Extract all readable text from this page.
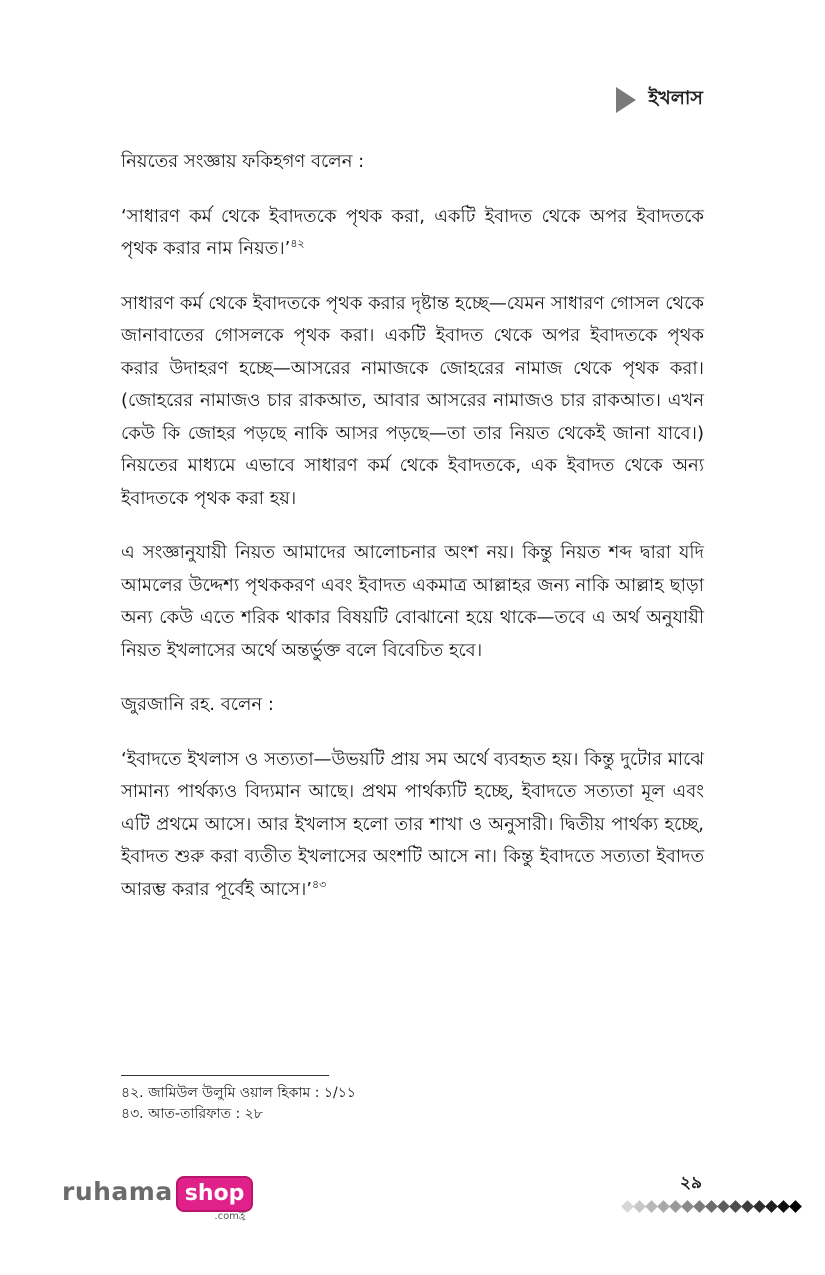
ইখলাস

নিয়তের সংজ্ঞায় ফকিহগণ বলেন :

‘সাধারণ কর্ম থেকে ইবাদতকে পৃথক করা, একটি ইবাদত থেকে অপর ইবাদতকে পৃথক করার নাম নিয়ত।’$^{৪২}$

সাধারণ কর্ম থেকে ইবাদতকে পৃথক করার দৃষ্টান্ত হচ্ছে—যেমন সাধারণ গোসল থেকে জানাবাতের গোসলকে পৃথক করা। একটি ইবাদত থেকে অপর ইবাদতকে পৃথক করার উদাহরণ হচ্ছে—আসরের নামাজকে জোহরের নামাজ থেকে পৃথক করা। (জোহরের নামাজও চার রাকআত, আবার আসরের নামাজও চার রাকআত। এখন কেউ কি জোহর পড়ছে নাকি আসর পড়ছে—তা তার নিয়ত থেকেই জানা যাবে।) নিয়তের মাধ্যমে এভাবে সাধারণ কর্ম থেকে ইবাদতকে, এক ইবাদত থেকে অন্য ইবাদতকে পৃথক করা হয়।

এ সংজ্ঞানুযায়ী নিয়ত আমাদের আলোচনার অংশ নয়। কিন্তু নিয়ত শব্দ দ্বারা যদি আমলের উদ্দেশ্য পৃথককরণ এবং ইবাদত একমাত্র আল্লাহর জন্য নাকি আল্লাহ ছাড়া অন্য কেউ এতে শরিক থাকার বিষয়টি বোঝানো হয়ে থাকে—তবে এ অর্থ অনুযায়ী নিয়ত ইখলাসের অর্থে অন্তর্ভুক্ত বলে বিবেচিত হবে।

জুরজানি রহ. বলেন :

‘ইবাদতে ইখলাস ও সত্যতা—উভয়টি প্রায় সম অর্থে ব্যবহৃত হয়। কিন্তু দুটোর মাঝে সামান্য পার্থক্যও বিদ্যমান আছে। প্রথম পার্থক্যটি হচ্ছে, ইবাদতে সত্যতা মূল এবং এটি প্রথমে আসে। আর ইখলাস হলো তার শাখা ও অনুসারী। দ্বিতীয় পার্থক্য হচ্ছে, ইবাদত শুরু করা ব্যতীত ইখলাসের অংশটি আসে না। কিন্তু ইবাদতে সত্যতা ইবাদত আরম্ভ করার পূর্বেই আসে।’$^{৪৩}$

৪২. জামিউল উলুমি ওয়াল হিকাম : ১/১১
৪৩. আত-তারিফাত : ২৮
ruhama shop
.comহ্র
২৯
